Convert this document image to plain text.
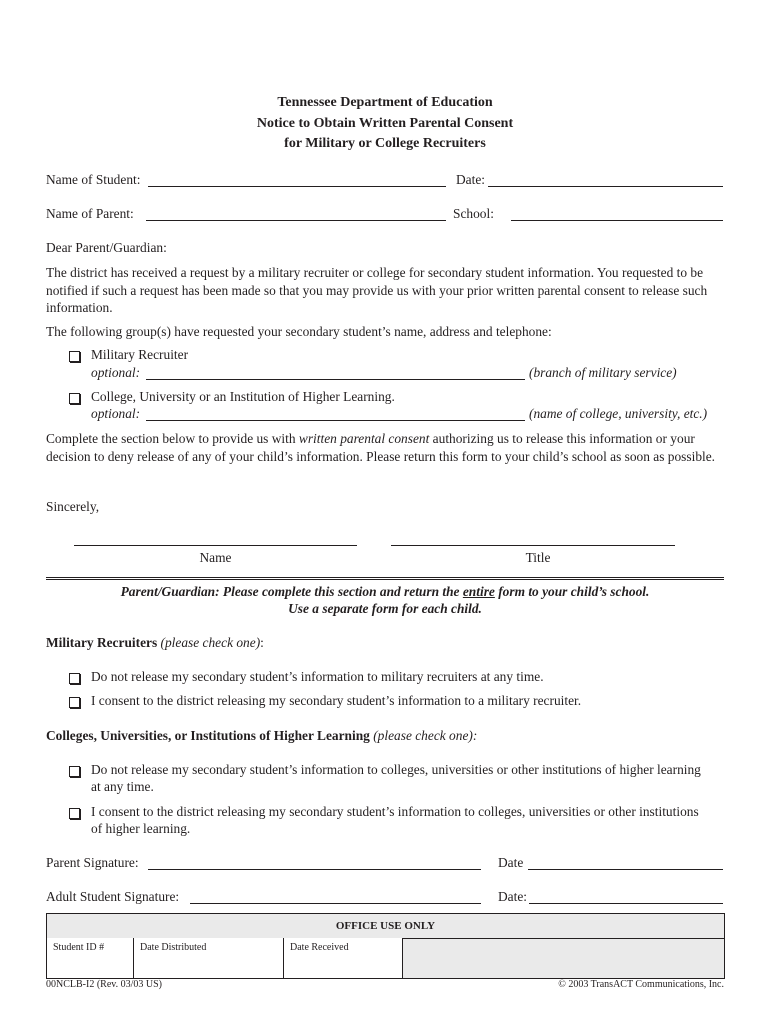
Tennessee Department of Education
Notice to Obtain Written Parental Consent
for Military or College Recruiters
Name of Student:	Date:
Name of Parent:	School:
Dear Parent/Guardian:
The district has received a request by a military recruiter or college for secondary student information. You requested to be notified if such a request has been made so that you may provide us with your prior written parental consent to release such information.
The following group(s) have requested your secondary student’s name, address and telephone:
Military Recruiter
optional:	(branch of military service)
College, University or an Institution of Higher Learning.
optional:	(name of college, university, etc.)
Complete the section below to provide us with written parental consent authorizing us to release this information or your decision to deny release of any of your child’s information. Please return this form to your child’s school as soon as possible.
Sincerely,
Name	Title
Parent/Guardian: Please complete this section and return the entire form to your child’s school.
Use a separate form for each child.
Military Recruiters (please check one):
Do not release my secondary student’s information to military recruiters at any time.
I consent to the district releasing my secondary student’s information to a military recruiter.
Colleges, Universities, or Institutions of Higher Learning (please check one):
Do not release my secondary student’s information to colleges, universities or other institutions of higher learning
at any time.
I consent to the district releasing my secondary student’s information to colleges, universities or other institutions
of higher learning.
Parent Signature:	Date
Adult Student Signature:	Date:
OFFICE USE ONLY
Student ID #	Date Distributed	Date Received
00NCLB-I2 (Rev. 03/03 US)	© 2003 TransACT Communications, Inc.
